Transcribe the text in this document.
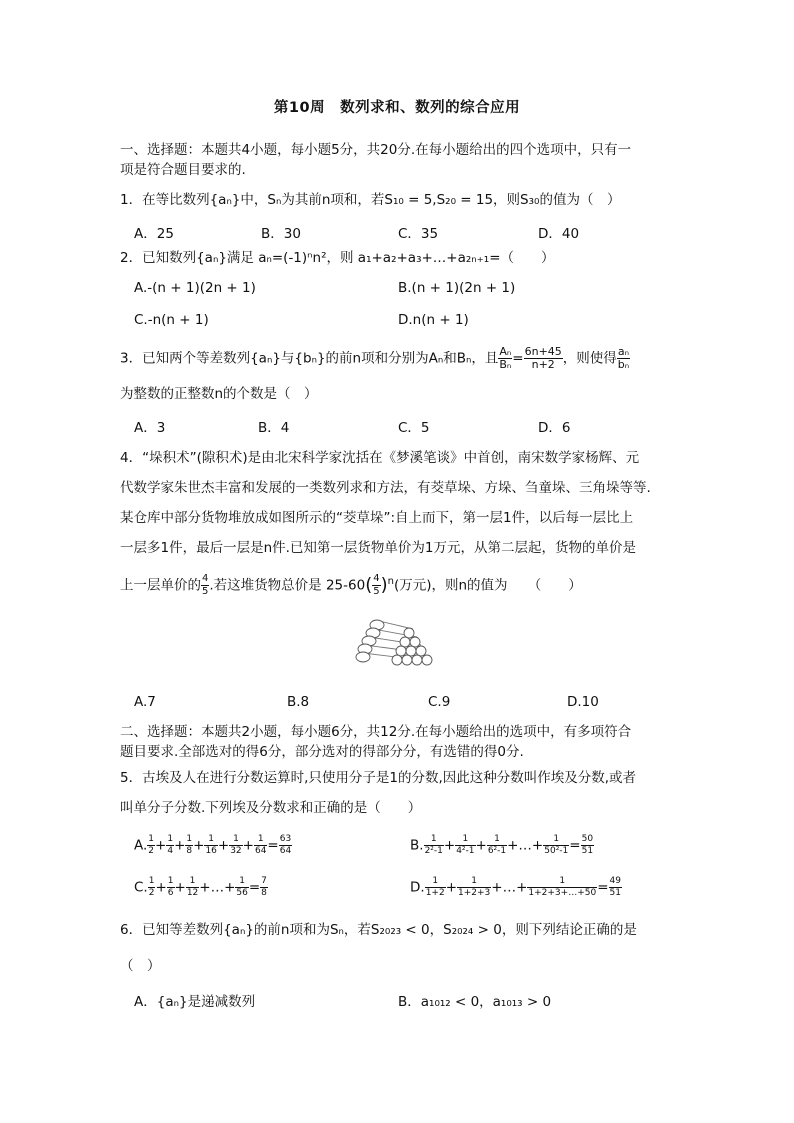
第10周　数列求和、数列的综合应用
一、选择题：本题共4小题，每小题5分，共20分.在每小题给出的四个选项中，只有一
项是符合题目要求的.
1．在等比数列{aₙ}中，Sₙ为其前n项和，若S₁₀ = 5,S₂₀ = 15，则S₃₀的值为（　）
A．25	B．30	C．35	D．40
2．已知数列{aₙ}满足 aₙ=(-1)ⁿn²，则 a₁+a₂+a₃+…+a₂ₙ₊₁=（　　）
A.-(n + 1)(2n + 1)	B.(n + 1)(2n + 1)
C.-n(n + 1)	D.n(n + 1)
3．已知两个等差数列{aₙ}与{bₙ}的前n项和分别为Aₙ和Bₙ，且 $\frac{\text{Aₙ}}{\text{Bₙ}} = \frac{6n+45}{n+2}$ ，则使得 $\frac{\text{aₙ}}{\text{bₙ}}$
为整数的正整数n的个数是（　）
A．3	B．4	C．5	D．6
4．“垛积术”(隙积术)是由北宋科学家沈括在《梦溪笔谈》中首创，南宋数学家杨辉、元
代数学家朱世杰丰富和发展的一类数列求和方法，有茭草垛、方垛、刍童垛、三角垛等等.
某仓库中部分货物堆放成如图所示的“茭草垛”:自上而下，第一层1件，以后每一层比上
一层多1件，最后一层是n件.已知第一层货物单价为1万元，从第二层起，货物的单价是
上一层单价的 $\frac{4}{5}$ .若这堆货物总价是 $25-60( \frac{4}{5} )^n$(万元)，则n的值为　　（　　）
A.7	B.8	C.9	D.10
二、选择题：本题共2小题，每小题6分，共12分.在每小题给出的选项中，有多项符合
题目要求.全部选对的得6分，部分选对的得部分分，有选错的得0分.
5．古埃及人在进行分数运算时,只使用分子是1的分数,因此这种分数叫作埃及分数,或者
叫单分子分数.下列埃及分数求和正确的是（　　）
A. $\frac{1}{2} + \frac{1}{4} + \frac{1}{8} + \frac{1}{16} + \frac{1}{32} + \frac{1}{64} = \frac{63}{64}$	B. $\frac{1}{\text{2²-1}} + \frac{1}{\text{4²-1}} + \frac{1}{\text{6²-1}}$ +…+ $\frac{1}{\text{50²-1}} = \frac{50}{51}$
C. $\frac{1}{2} + \frac{1}{6} + \frac{1}{12}$ +…+ $\frac{1}{56} = \frac{7}{8}$	D. $\frac{1}{1+2} + \frac{1}{1+2+3}$ +…+ $\frac{1}{1+2+3+\dots+50} = \frac{49}{51}$
6．已知等差数列{aₙ}的前n项和为Sₙ，若S₂₀₂₃ < 0，S₂₀₂₄ > 0，则下列结论正确的是
（　）
A．{aₙ}是递减数列	B．a₁₀₁₂ < 0，a₁₀₁₃ > 0
